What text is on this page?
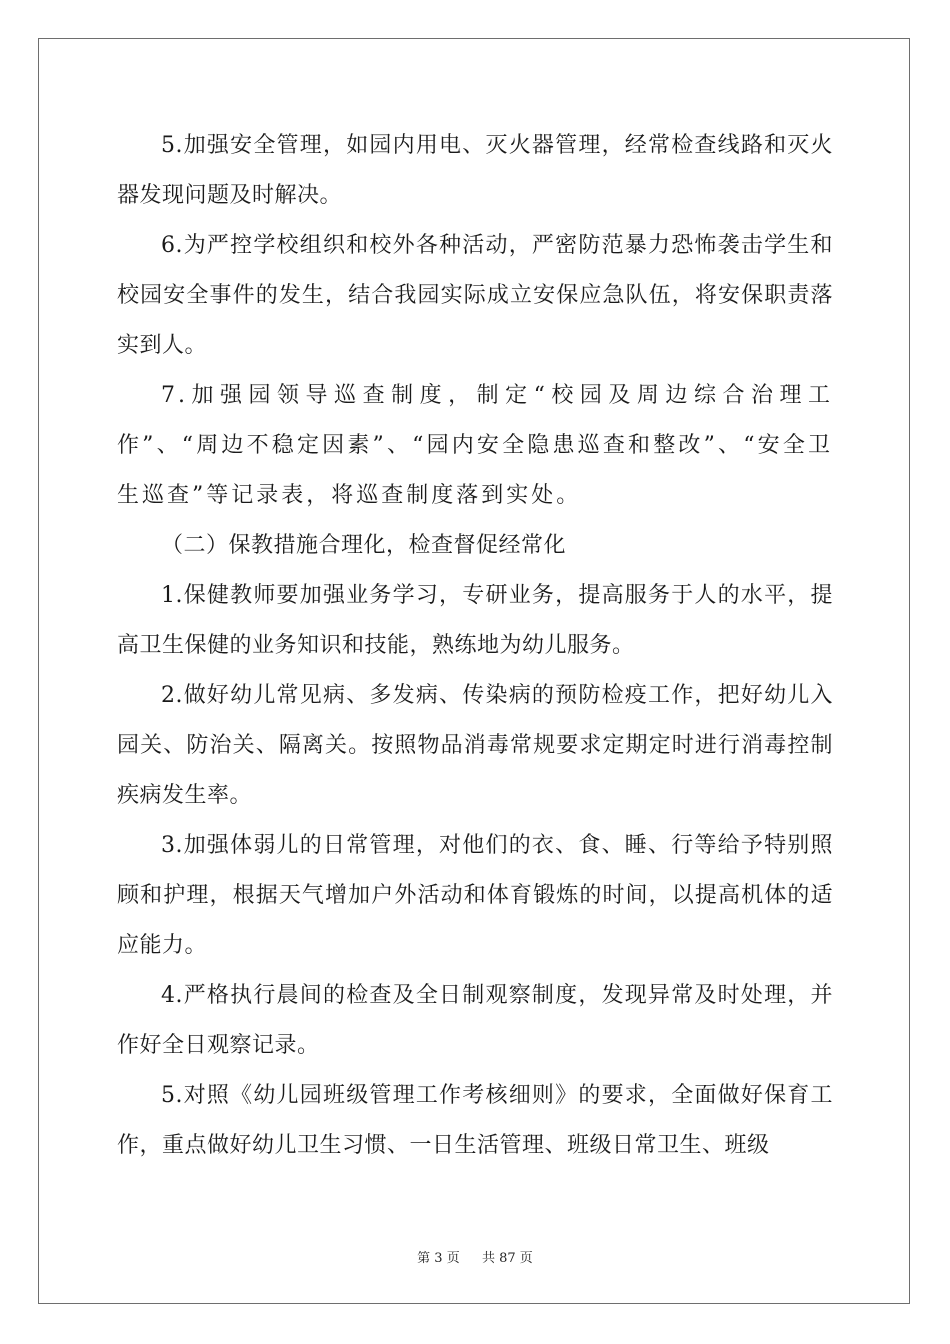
5.加强安全管理，如园内用电、灭火器管理，经常检查线路和灭火器发现问题及时解决。

6.为严控学校组织和校外各种活动，严密防范暴力恐怖袭击学生和校园安全事件的发生，结合我园实际成立安保应急队伍，将安保职责落实到人。

7.加强园领导巡查制度，制定“校园及周边综合治理工作”、“周边不稳定因素”、“园内安全隐患巡查和整改”、“安全卫生巡查”等记录表，将巡查制度落到实处。

（二）保教措施合理化，检查督促经常化

1.保健教师要加强业务学习，专研业务，提高服务于人的水平，提高卫生保健的业务知识和技能，熟练地为幼儿服务。

2.做好幼儿常见病、多发病、传染病的预防检疫工作，把好幼儿入园关、防治关、隔离关。按照物品消毒常规要求定期定时进行消毒控制疾病发生率。

3.加强体弱儿的日常管理，对他们的衣、食、睡、行等给予特别照顾和护理，根据天气增加户外活动和体育锻炼的时间，以提高机体的适应能力。

4.严格执行晨间的检查及全日制观察制度，发现异常及时处理，并作好全日观察记录。

5.对照《幼儿园班级管理工作考核细则》的要求，全面做好保育工作，重点做好幼儿卫生习惯、一日生活管理、班级日常卫生、班级

第 3 页 共 87 页
